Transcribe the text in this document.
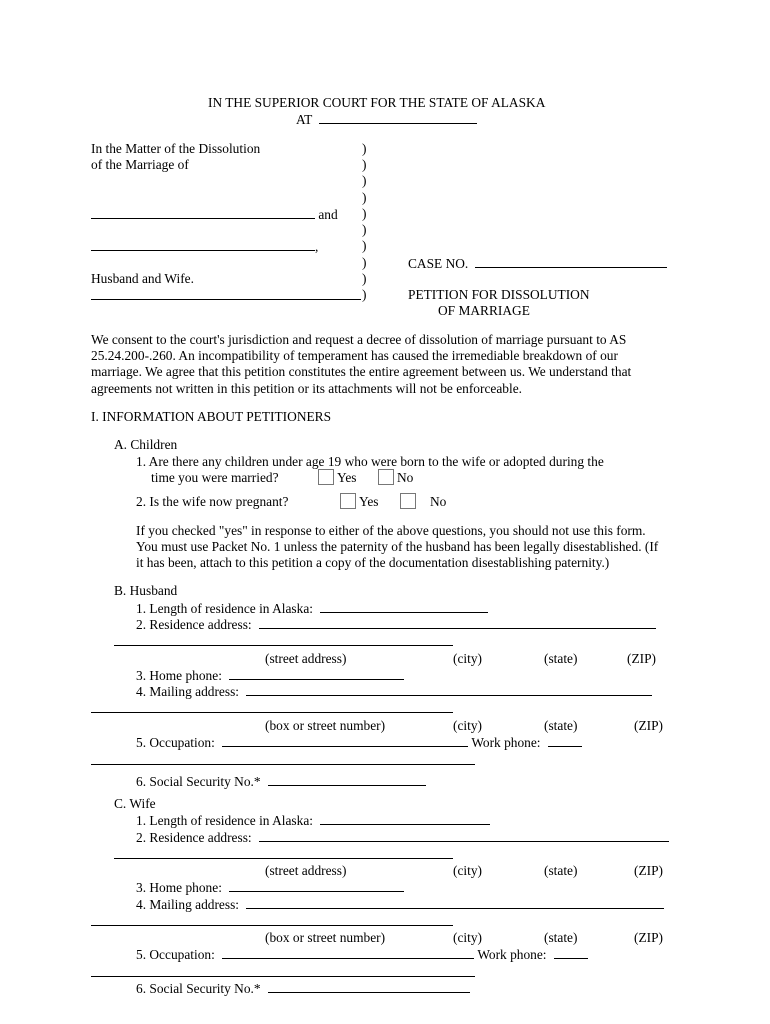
IN THE SUPERIOR COURT FOR THE STATE OF ALASKA
AT
In the Matter of the Dissolution
of the Marriage of
and
,
Husband and Wife.
)
)
)
)
)
)
)
)
)
)
CASE NO.
PETITION FOR DISSOLUTION
OF MARRIAGE
We consent to the court's jurisdiction and request a decree of dissolution of marriage pursuant to AS
25.24.200-.260. An incompatibility of temperament has caused the irremediable breakdown of our
marriage. We agree that this petition constitutes the entire agreement between us. We understand that
agreements not written in this petition or its attachments will not be enforceable.
I. INFORMATION ABOUT PETITIONERS
A. Children
1. Are there any children under age 19 who were born to the wife or adopted during the
time you were married?	Yes	No
2. Is the wife now pregnant?	Yes	No
If you checked "yes" in response to either of the above questions, you should not use this form.
You must use Packet No. 1 unless the paternity of the husband has been legally disestablished. (If
it has been, attach to this petition a copy of the documentation disestablishing paternity.)
B. Husband
1. Length of residence in Alaska:
2. Residence address:
(street address)	(city)	(state)	(ZIP)
3. Home phone:
4. Mailing address:
(box or street number)	(city)	(state)	(ZIP)
5. Occupation:	Work phone:
6. Social Security No.*
C. Wife
1. Length of residence in Alaska:
2. Residence address:
(street address)	(city)	(state)	(ZIP)
3. Home phone:
4. Mailing address:
(box or street number)	(city)	(state)	(ZIP)
5. Occupation:	Work phone:
6. Social Security No.*
